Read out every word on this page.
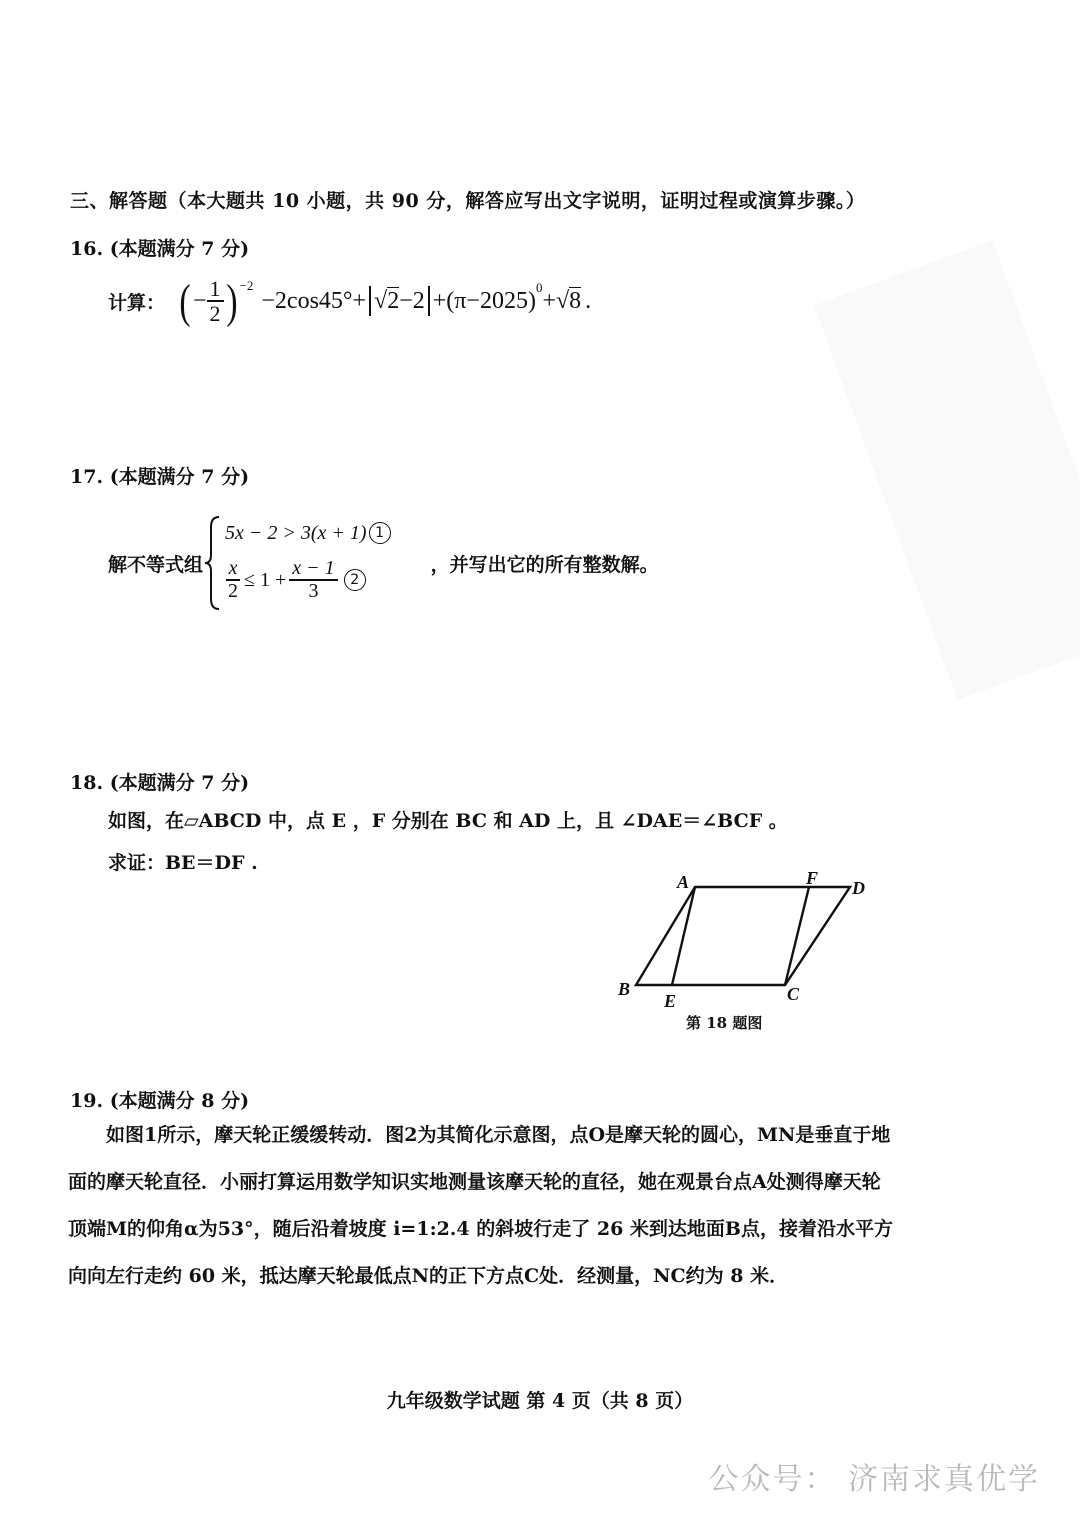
三、解答题（本大题共 10 小题，共 90 分，解答应写出文字说明，证明过程或演算步骤。）
16. (本题满分 7 分)
计算： ( − $\frac{1}{2} )^{-2}$
−2cos45°+ √ 2 −2 +(π−2025)
$^0$
+ √ 8 .
17. (本题满分 7 分)
解不等式组
5x − 2 > 3(x + 1) 1
$\frac{x}{2} \le 1 + \frac{x - 1}{3} 2$
，并写出它的所有整数解。
18. (本题满分 7 分)
如图，在▱ABCD 中，点 E ，F 分别在 BC 和 AD 上，且 ∠DAE＝∠BCF 。
求证：BE＝DF .
A	F D
B
E	C
第 18 题图
19. (本题满分 8 分)
如图1所示，摩天轮正缓缓转动．图2为其简化示意图，点O是摩天轮的圆心，MN是垂直于地面的摩天轮直径．小丽打算运用数学知识实地测量该摩天轮的直径，她在观景台点A处测得摩天轮顶端M的仰角α为53°，随后沿着坡度 i=1:2.4 的斜坡行走了 26 米到达地面B点，接着沿水平方向向左行走约 60 米，抵达摩天轮最低点N的正下方点C处．经测量，NC约为 8 米．
九年级数学试题 第 4 页（共 8 页）
公众号： 济南求真优学
